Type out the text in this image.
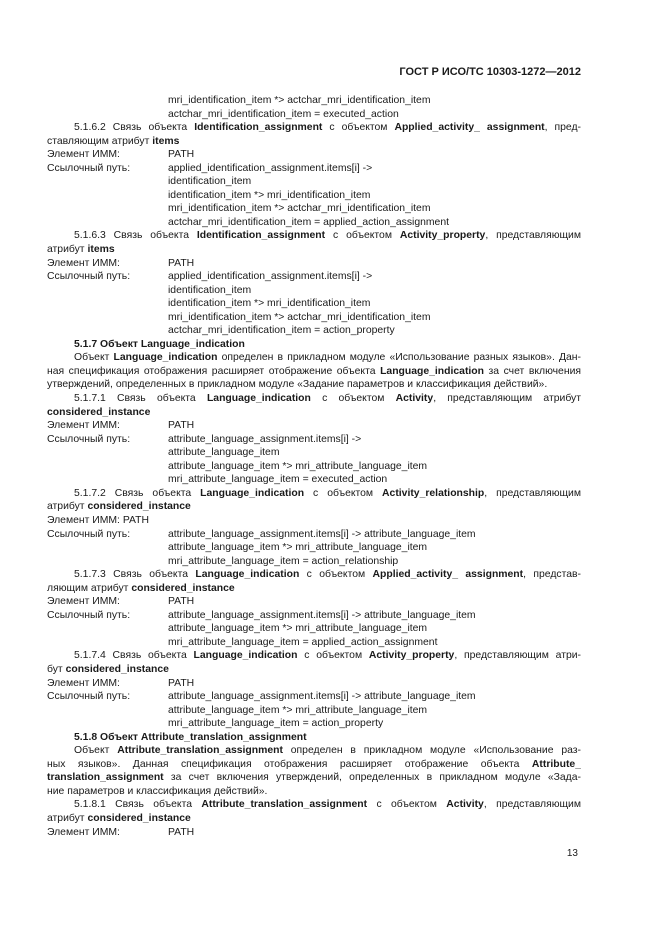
ГОСТ Р ИСО/ТС 10303-1272—2012
mri_identification_item *> actchar_mri_identification_item
actchar_mri_identification_item = executed_action
5.1.6.2 Связь объекта Identification_assignment с объектом Applied_activity_ assignment, пред-
ставляющим атрибут items
Элемент ИММ:	PATH
Ссылочный путь:	applied_identification_assignment.items[i] ->
identification_item
identification_item *> mri_identification_item
mri_identification_item *> actchar_mri_identification_item
actchar_mri_identification_item = applied_action_assignment
5.1.6.3 Связь объекта Identification_assignment с объектом Activity_property, представляющим
атрибут items
Элемент ИММ:	PATH
Ссылочный путь:	applied_identification_assignment.items[i] ->
identification_item
identification_item *> mri_identification_item
mri_identification_item *> actchar_mri_identification_item
actchar_mri_identification_item = action_property
5.1.7 Объект Language_indication
Объект Language_indication определен в прикладном модуле «Использование разных языков». Дан-
ная спецификация отображения расширяет отображение объекта Language_indication за счет включения
утверждений, определенных в прикладном модуле «Задание параметров и классификация действий».
5.1.7.1 Связь объекта Language_indication с объектом Activity, представляющим атрибут
considered_instance
Элемент ИММ:	PATH
Ссылочный путь:	attribute_language_assignment.items[i] ->
attribute_language_item
attribute_language_item *> mri_attribute_language_item
mri_attribute_language_item = executed_action
5.1.7.2 Связь объекта Language_indication с объектом Activity_relationship, представляющим
атрибут considered_instance
Элемент ИММ: PATH
Ссылочный путь:	attribute_language_assignment.items[i] -> attribute_language_item
attribute_language_item *> mri_attribute_language_item
mri_attribute_language_item = action_relationship
5.1.7.3 Связь объекта Language_indication с объектом Applied_activity_ assignment, представ-
ляющим атрибут considered_instance
Элемент ИММ:	PATH
Ссылочный путь:	attribute_language_assignment.items[i] -> attribute_language_item
attribute_language_item *> mri_attribute_language_item
mri_attribute_language_item = applied_action_assignment
5.1.7.4 Связь объекта Language_indication с объектом Activity_property, представляющим атри-
бут considered_instance
Элемент ИММ:	PATH
Ссылочный путь:	attribute_language_assignment.items[i] -> attribute_language_item
attribute_language_item *> mri_attribute_language_item
mri_attribute_language_item = action_property
5.1.8 Объект Attribute_translation_assignment
Объект Attribute_translation_assignment определен в прикладном модуле «Использование раз-
ных языков». Данная спецификация отображения расширяет отображение объекта Attribute_
translation_assignment за счет включения утверждений, определенных в прикладном модуле «Зада-
ние параметров и классификация действий».
5.1.8.1 Связь объекта Attribute_translation_assignment с объектом Activity, представляющим
атрибут considered_instance
Элемент ИММ:	PATH
13
